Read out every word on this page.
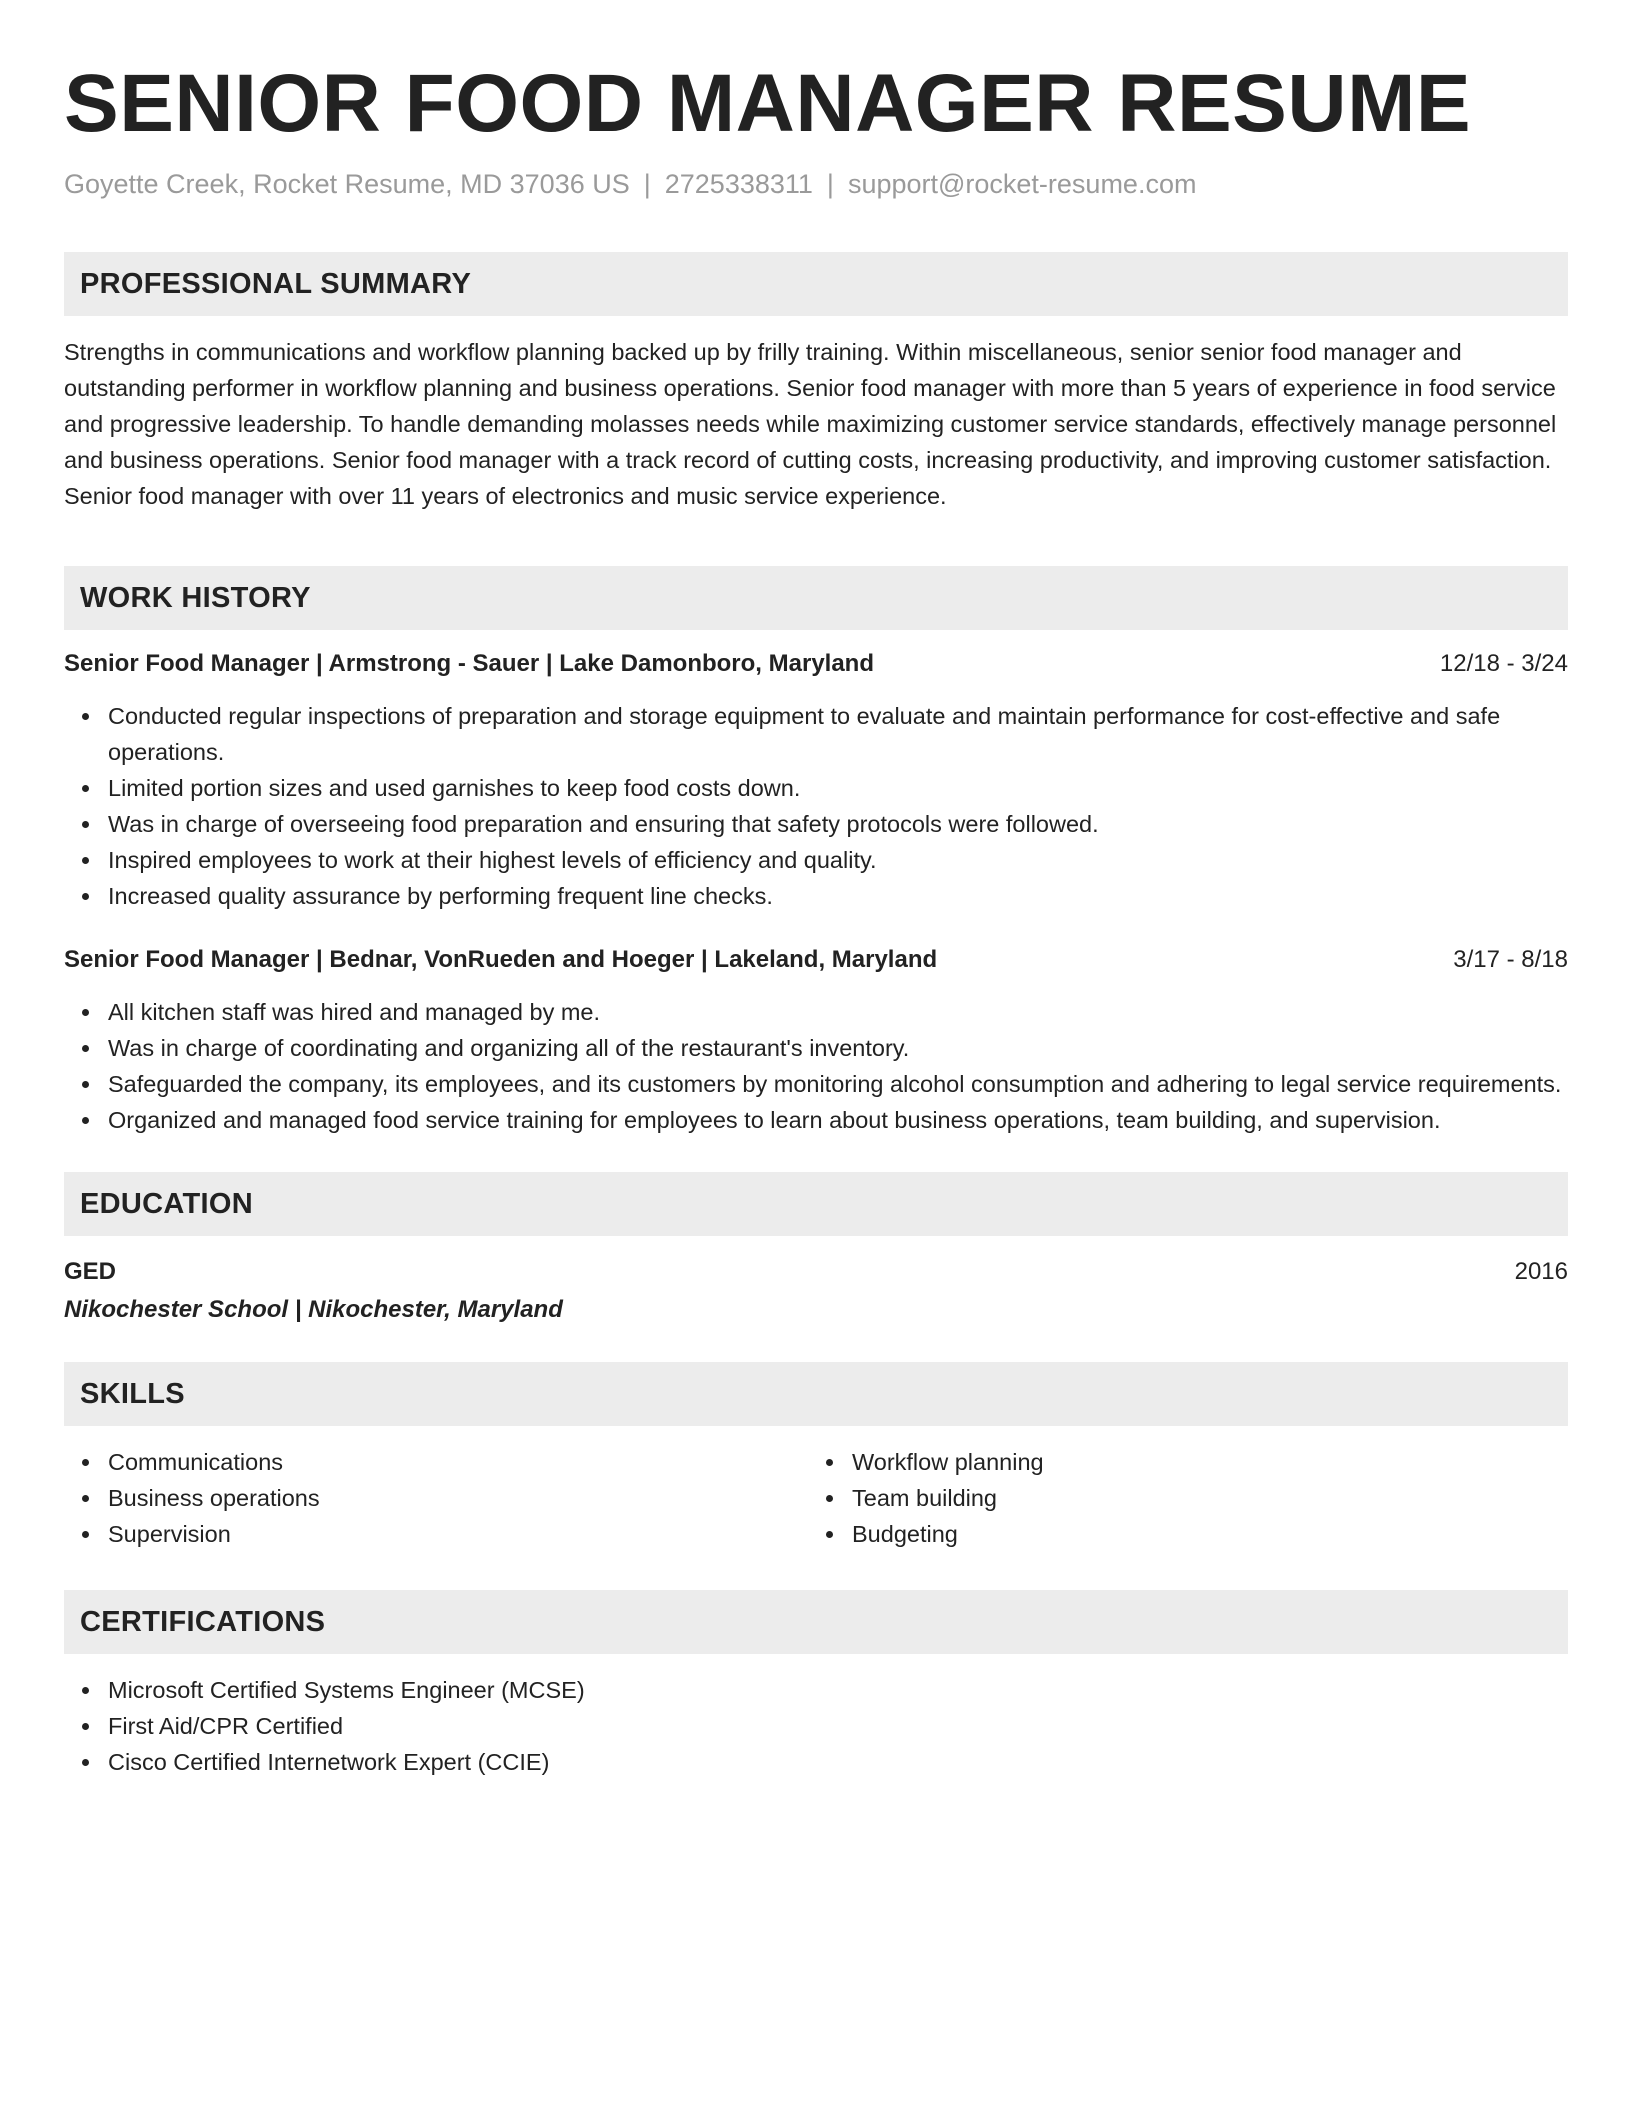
SENIOR FOOD MANAGER RESUME
Goyette Creek, Rocket Resume, MD 37036 US | 2725338311 | support@rocket-resume.com
PROFESSIONAL SUMMARY
Strengths in communications and workflow planning backed up by frilly training. Within miscellaneous, senior senior food manager and outstanding performer in workflow planning and business operations. Senior food manager with more than 5 years of experience in food service and progressive leadership. To handle demanding molasses needs while maximizing customer service standards, effectively manage personnel and business operations. Senior food manager with a track record of cutting costs, increasing productivity, and improving customer satisfaction. Senior food manager with over 11 years of electronics and music service experience.
WORK HISTORY
Senior Food Manager | Armstrong - Sauer | Lake Damonboro, Maryland	12/18 - 3/24
Conducted regular inspections of preparation and storage equipment to evaluate and maintain performance for cost-effective and safe operations.
Limited portion sizes and used garnishes to keep food costs down.
Was in charge of overseeing food preparation and ensuring that safety protocols were followed.
Inspired employees to work at their highest levels of efficiency and quality.
Increased quality assurance by performing frequent line checks.
Senior Food Manager | Bednar, VonRueden and Hoeger | Lakeland, Maryland	3/17 - 8/18
All kitchen staff was hired and managed by me.
Was in charge of coordinating and organizing all of the restaurant's inventory.
Safeguarded the company, its employees, and its customers by monitoring alcohol consumption and adhering to legal service requirements.
Organized and managed food service training for employees to learn about business operations, team building, and supervision.
EDUCATION
GED	2016
Nikochester School | Nikochester, Maryland
SKILLS
Communications
Business operations
Supervision
Workflow planning
Team building
Budgeting
CERTIFICATIONS
Microsoft Certified Systems Engineer (MCSE)
First Aid/CPR Certified
Cisco Certified Internetwork Expert (CCIE)
